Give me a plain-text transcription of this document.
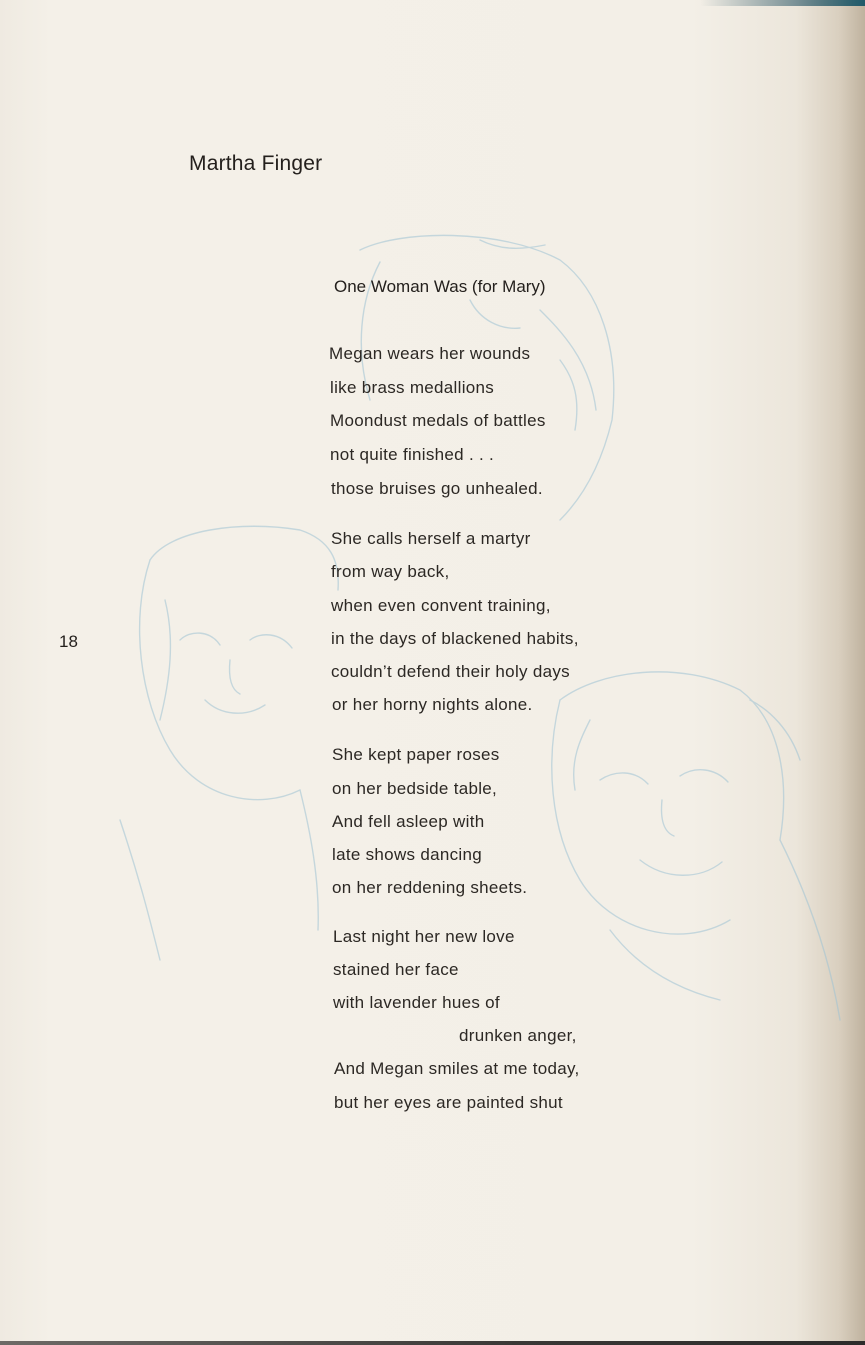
Martha Finger
One Woman Was (for Mary)
18
Megan wears her wounds
like brass medallions
Moondust medals of battles
not quite finished . . .
those bruises go unhealed.
She calls herself a martyr
from way back,
when even convent training,
in the days of blackened habits,
couldn’t defend their holy days
or her horny nights alone.
She kept paper roses
on her bedside table,
And fell asleep with
late shows dancing
on her reddening sheets.
Last night her new love
stained her face
with lavender hues of
drunken anger,
And Megan smiles at me today,
but her eyes are painted shut
